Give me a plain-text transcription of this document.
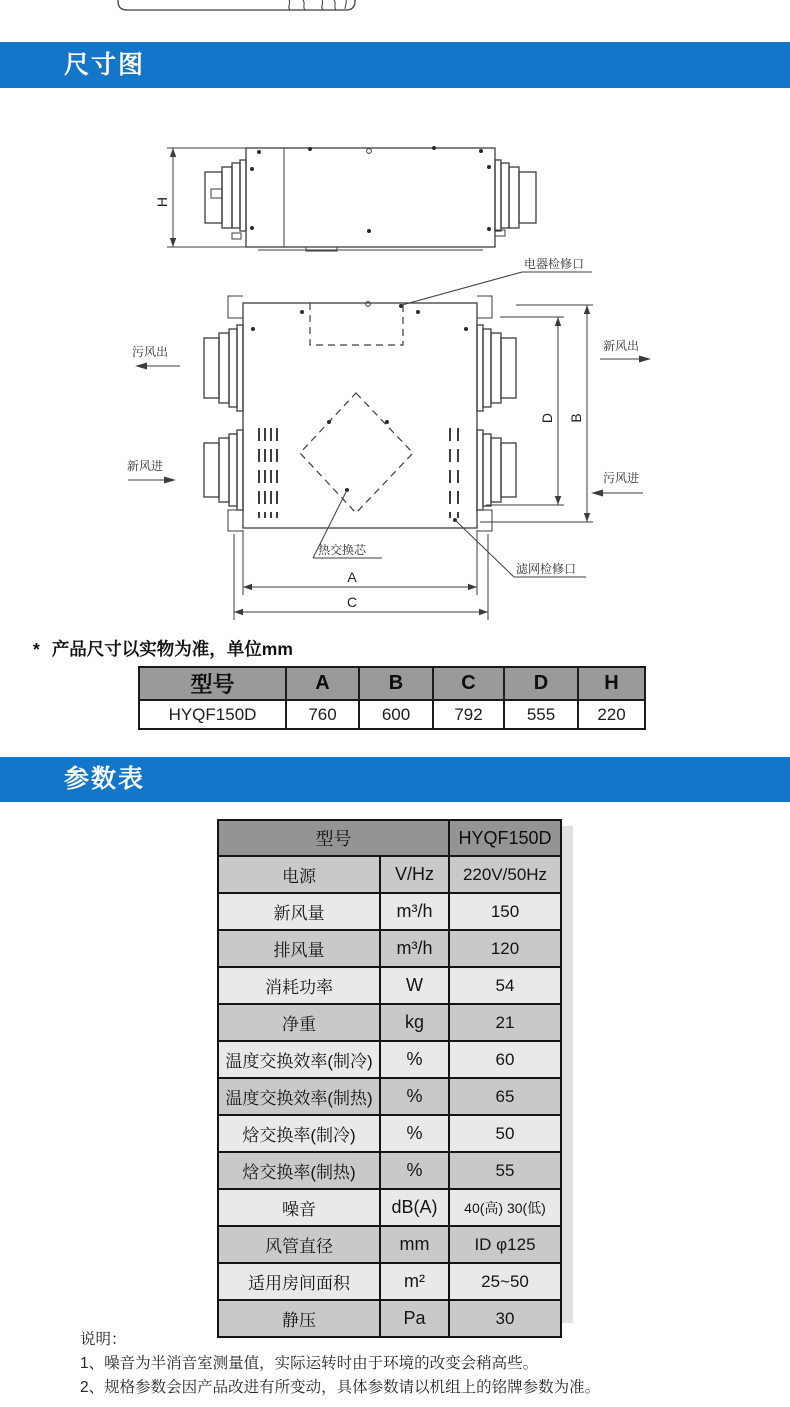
尺寸图
H
电器检修口
污风出
新风进
新风出
污风进
热交换芯
滤网检修口
D B
A
C
* 产品尺寸以实物为准，单位mm
型号	A	B	C	D	H
HYQF150D	760	600	792	555	220
参数表
型号		HYQF150D
电源	V/Hz	220V/50Hz
新风量	m³/h	150
排风量	m³/h	120
消耗功率	W	54
净重	kg	21
温度交换效率(制冷)	%	60
温度交换效率(制热)	%	65
焓交换率(制冷)	%	50
焓交换率(制热)	%	55
噪音	dB(A)	40(高) 30(低)
风管直径	mm	ID φ125
适用房间面积	m²	25~50
静压	Pa	30
说明：
1、噪音为半消音室测量值，实际运转时由于环境的改变会稍高些。
2、规格参数会因产品改进有所变动，具体参数请以机组上的铭牌参数为准。
